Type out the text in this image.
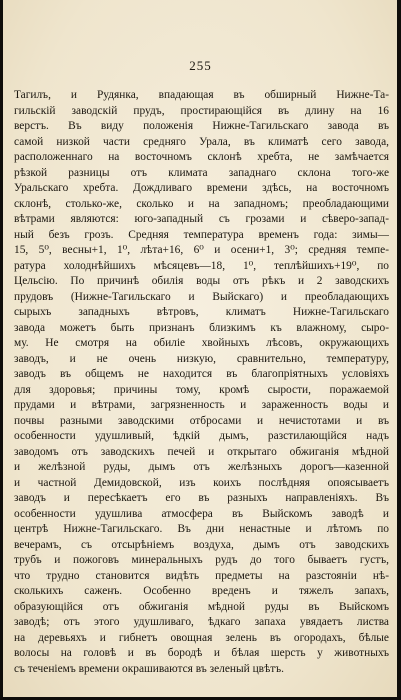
255

Тагилъ, и Рудянка, впадающая въ обширный Нижне-Та-
гильскій заводскій прудъ, простирающійся въ длину на 16
верстъ. Въ виду положенія Нижне-Тагильскаго завода въ
самой низкой части средняго Урала, въ климатѣ сего завода,
расположеннаго на восточномъ склонѣ хребта, не замѣчается
рѣзкой разницы отъ климата западнаго склона того-же
Уральскаго хребта. Дождливаго времени здѣсь, на восточномъ
склонѣ, столько-же, сколько и на западномъ; преобладающими
вѣтрами являются: юго-западный съ грозами и сѣверо-запад-
ный безъ грозъ. Средняя температура временъ года: зимы—
15, 5⁰, весны+1, 1⁰, лѣта+16, 6⁰ и осени+1, 3⁰; средняя темпе-
ратура холоднѣйшихъ мѣсяцевъ—18, 1⁰, теплѣйшихъ+19⁰, по
Цельсію. По причинѣ обилія воды отъ рѣкъ и 2 заводскихъ
прудовъ (Нижне-Тагильскаго и Выйскаго) и преобладающихъ
сырыхъ западныхъ вѣтровъ, климатъ Нижне-Тагильскаго
завода можетъ быть признанъ близкимъ къ влажному, сыро-
му. Не смотря на обиліе хвойныхъ лѣсовъ, окружающихъ
заводъ, и не очень низкую, сравнительно, температуру,
заводъ въ общемъ не находится въ благопріятныхъ условіяхъ
для здоровья; причины тому, кромѣ сырости, поражаемой
прудами и вѣтрами, загрязненность и зараженность воды и
почвы разными заводскими отбросами и нечистотами и въ
особенности удушливый, ѣдкій дымъ, разстилающійся надъ
заводомъ отъ заводскихъ печей и открытаго обжиганія мѣдной
и желѣзной руды, дымъ отъ желѣзныхъ дорогъ—казенной
и частной Демидовской, изъ коихъ послѣдняя опоясываетъ
заводъ и пересѣкаетъ его въ разныхъ направленіяхъ. Въ
особенности удушлива атмосфера въ Выйскомъ заводѣ и
центрѣ Нижне-Тагильскаго. Въ дни ненастные и лѣтомъ по
вечерамъ, съ отсырѣніемъ воздуха, дымъ отъ заводскихъ
трубъ и пожоговъ минеральныхъ рудъ до того бываетъ густъ,
что трудно становится видѣть предметы на разстояніи нѣ-
сколькихъ саженъ. Особенно вреденъ и тяжелъ запахъ,
образующійся отъ обжиганія мѣдной руды въ Выйскомъ
заводѣ; отъ этого удушливаго, ѣдкаго запаха увядаетъ листва
на деревьяхъ и гибнетъ овощная зелень въ огородахъ, бѣлые
волосы на головѣ и въ бородѣ и бѣлая шерсть у животныхъ
съ теченіемъ времени окрашиваются въ зеленый цвѣтъ.
